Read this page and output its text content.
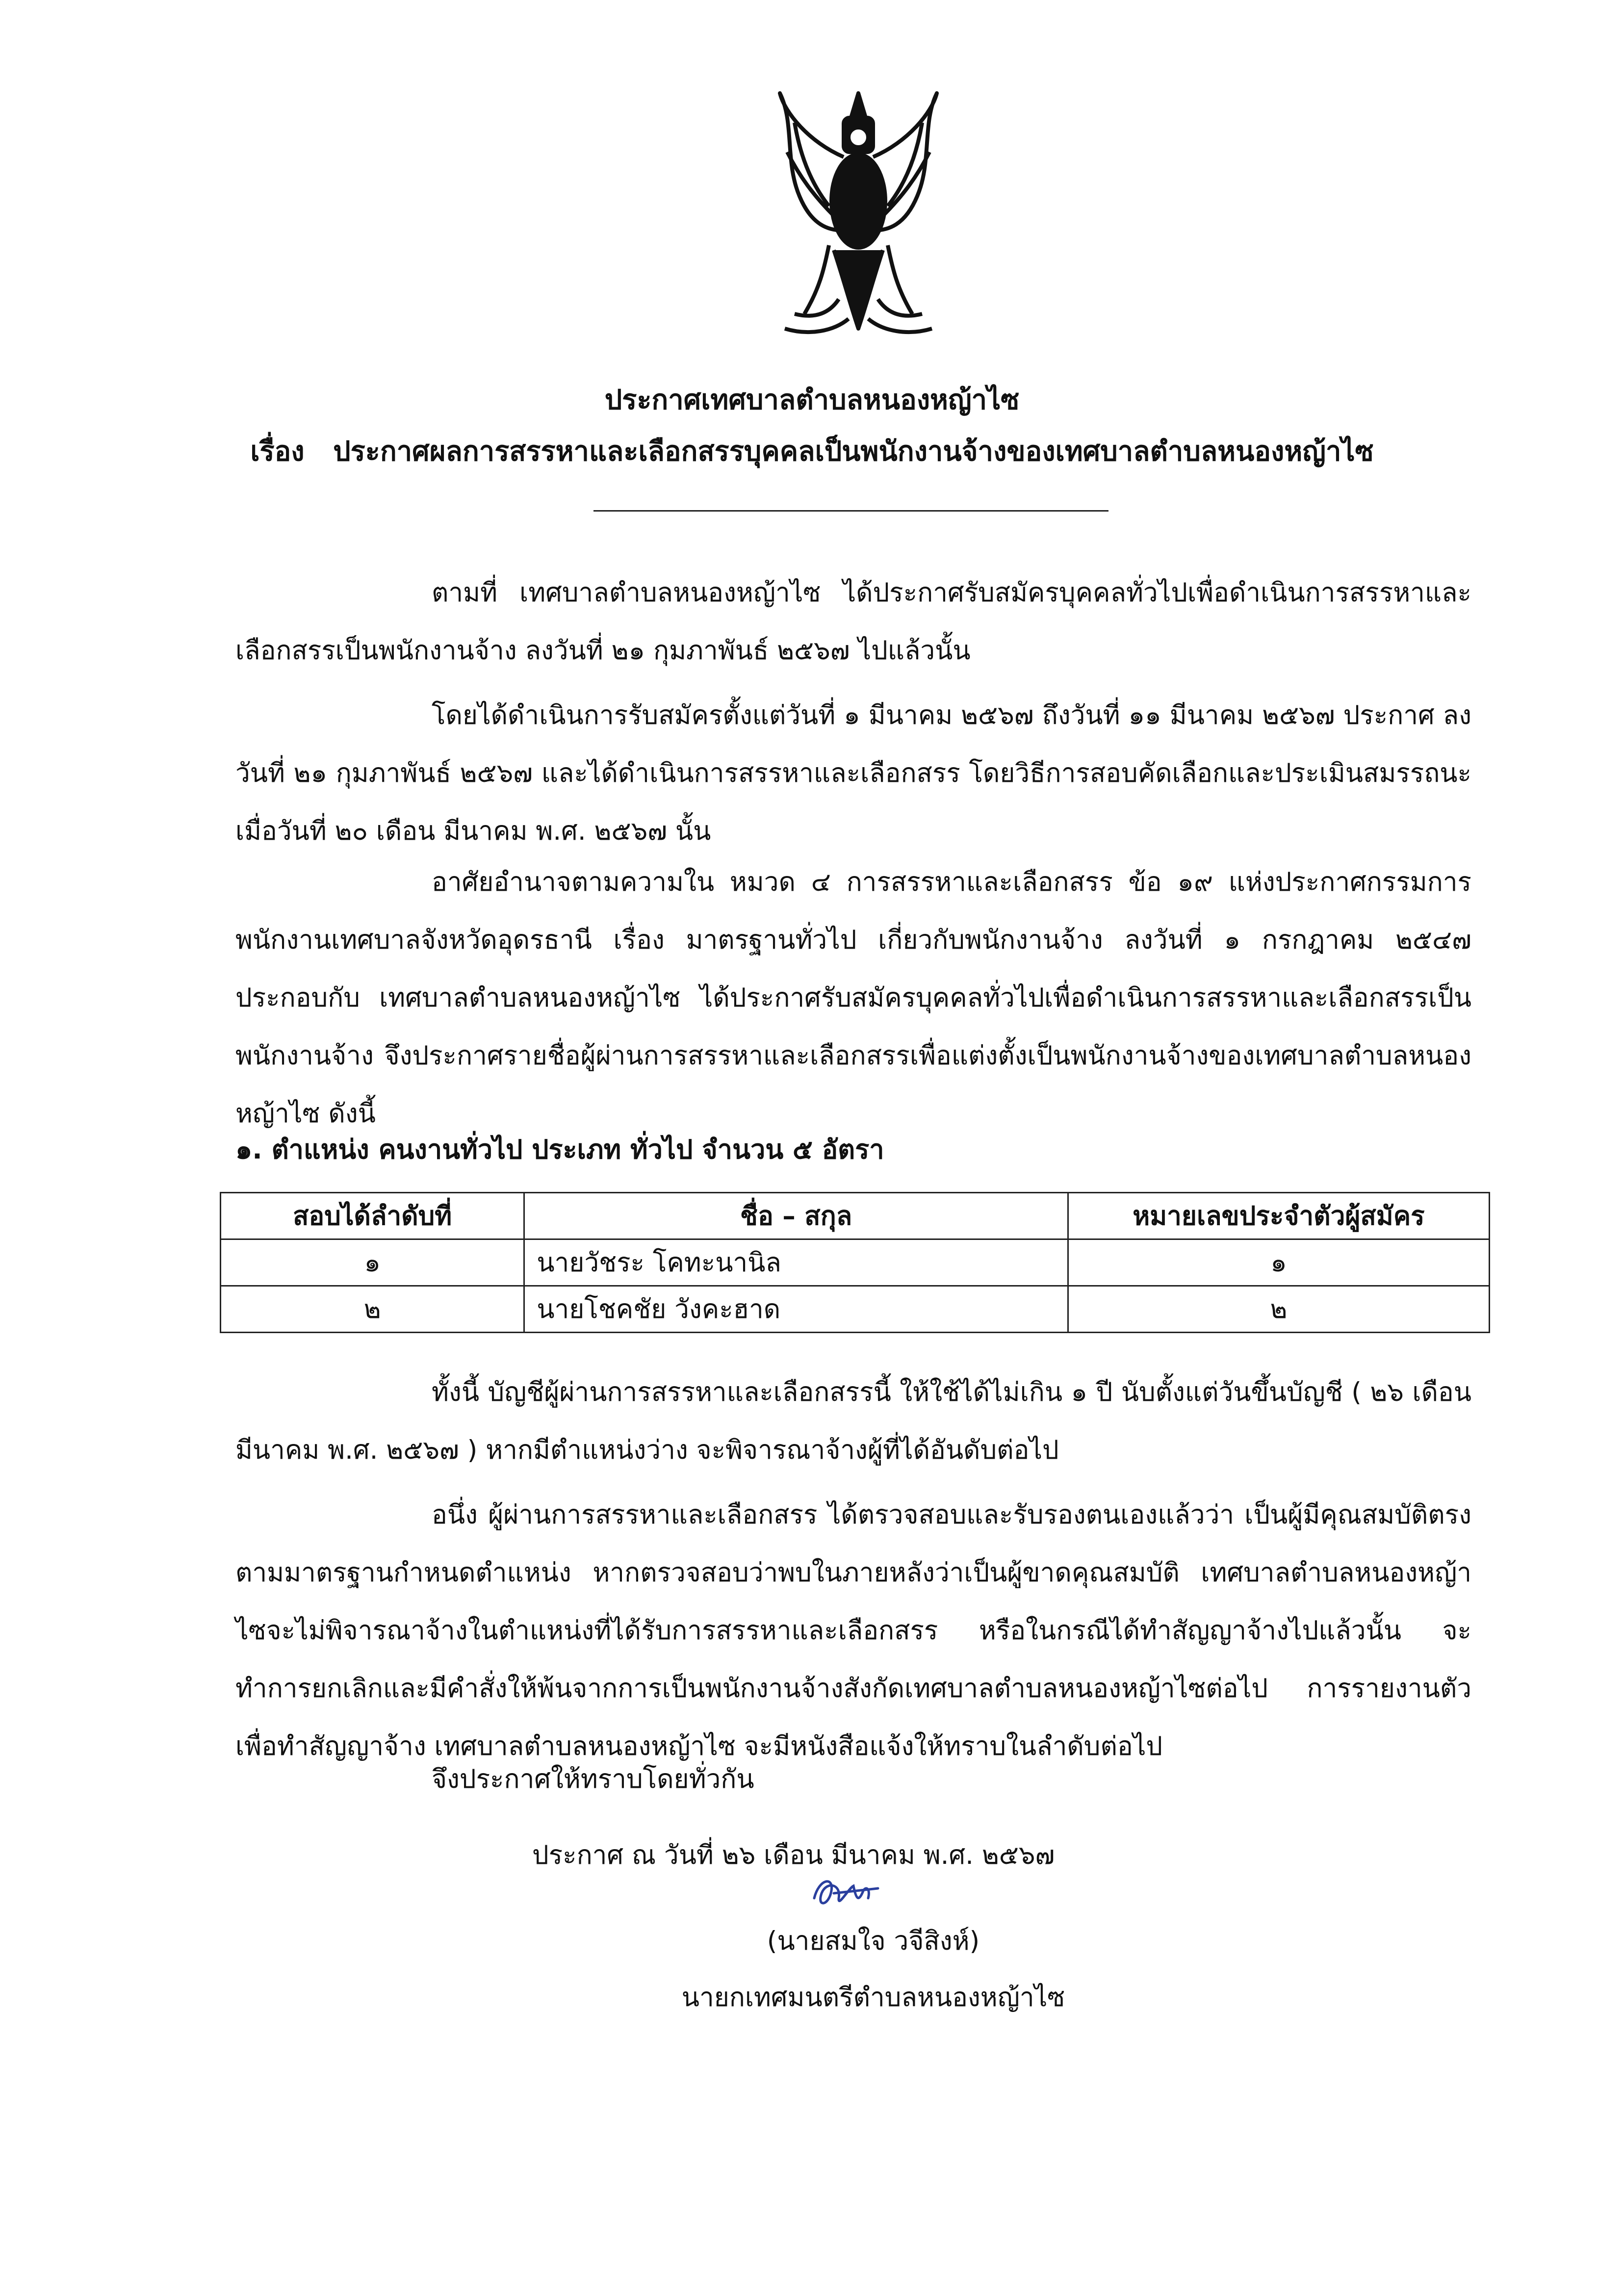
ประกาศเทศบาลตำบลหนองหญ้าไซ
เรื่อง ประกาศผลการสรรหาและเลือกสรรบุคคลเป็นพนักงานจ้างของเทศบาลตำบลหนองหญ้าไซ

ตามที่ เทศบาลตำบลหนองหญ้าไซ ได้ประกาศรับสมัครบุคคลทั่วไปเพื่อดำเนินการสรรหาและเลือกสรรเป็นพนักงานจ้าง ลงวันที่ ๒๑ กุมภาพันธ์ ๒๕๖๗ ไปแล้วนั้น

โดยได้ดำเนินการรับสมัครตั้งแต่วันที่ ๑ มีนาคม ๒๕๖๗ ถึงวันที่ ๑๑ มีนาคม ๒๕๖๗ ประกาศ ลงวันที่ ๒๑ กุมภาพันธ์ ๒๕๖๗ และได้ดำเนินการสรรหาและเลือกสรร โดยวิธีการสอบคัดเลือกและประเมินสมรรถนะ เมื่อวันที่ ๒๐ เดือน มีนาคม พ.ศ. ๒๕๖๗ นั้น

อาศัยอำนาจตามความใน หมวด ๔ การสรรหาและเลือกสรร ข้อ ๑๙ แห่งประกาศกรรมการพนักงานเทศบาลจังหวัดอุดรธานี เรื่อง มาตรฐานทั่วไป เกี่ยวกับพนักงานจ้าง ลงวันที่ ๑ กรกฎาคม ๒๕๔๗ ประกอบกับ เทศบาลตำบลหนองหญ้าไซ ได้ประกาศรับสมัครบุคคลทั่วไปเพื่อดำเนินการสรรหาและเลือกสรรเป็นพนักงานจ้าง จึงประกาศรายชื่อผู้ผ่านการสรรหาและเลือกสรรเพื่อแต่งตั้งเป็นพนักงานจ้างของเทศบาลตำบลหนองหญ้าไซ ดังนี้

๑. ตำแหน่ง คนงานทั่วไป ประเภท ทั่วไป จำนวน ๕ อัตรา
สอบได้ลำดับที่	ชื่อ – สกุล	หมายเลขประจำตัวผู้สมัคร
๑	นายวัชระ โคทะนานิล	๑
๒	นายโชคชัย วังคะฮาด	๒

ทั้งนี้ บัญชีผู้ผ่านการสรรหาและเลือกสรรนี้ ให้ใช้ได้ไม่เกิน ๑ ปี นับตั้งแต่วันขึ้นบัญชี ( ๒๖ เดือน มีนาคม พ.ศ. ๒๕๖๗ ) หากมีตำแหน่งว่าง จะพิจารณาจ้างผู้ที่ได้อันดับต่อไป

อนึ่ง ผู้ผ่านการสรรหาและเลือกสรร ได้ตรวจสอบและรับรองตนเองแล้วว่า เป็นผู้มีคุณสมบัติตรงตามมาตรฐานกำหนดตำแหน่ง หากตรวจสอบว่าพบในภายหลังว่าเป็นผู้ขาดคุณสมบัติ เทศบาลตำบลหนองหญ้าไซจะไม่พิจารณาจ้างในตำแหน่งที่ได้รับการสรรหาและเลือกสรร หรือในกรณีได้ทำสัญญาจ้างไปแล้วนั้น จะทำการยกเลิกและมีคำสั่งให้พ้นจากการเป็นพนักงานจ้างสังกัดเทศบาลตำบลหนองหญ้าไซต่อไป การรายงานตัวเพื่อทำสัญญาจ้าง เทศบาลตำบลหนองหญ้าไซ จะมีหนังสือแจ้งให้ทราบในลำดับต่อไป

จึงประกาศให้ทราบโดยทั่วกัน
ประกาศ ณ วันที่ ๒๖ เดือน มีนาคม พ.ศ. ๒๕๖๗
(นายสมใจ วจีสิงห์)
นายกเทศมนตรีตำบลหนองหญ้าไซ
